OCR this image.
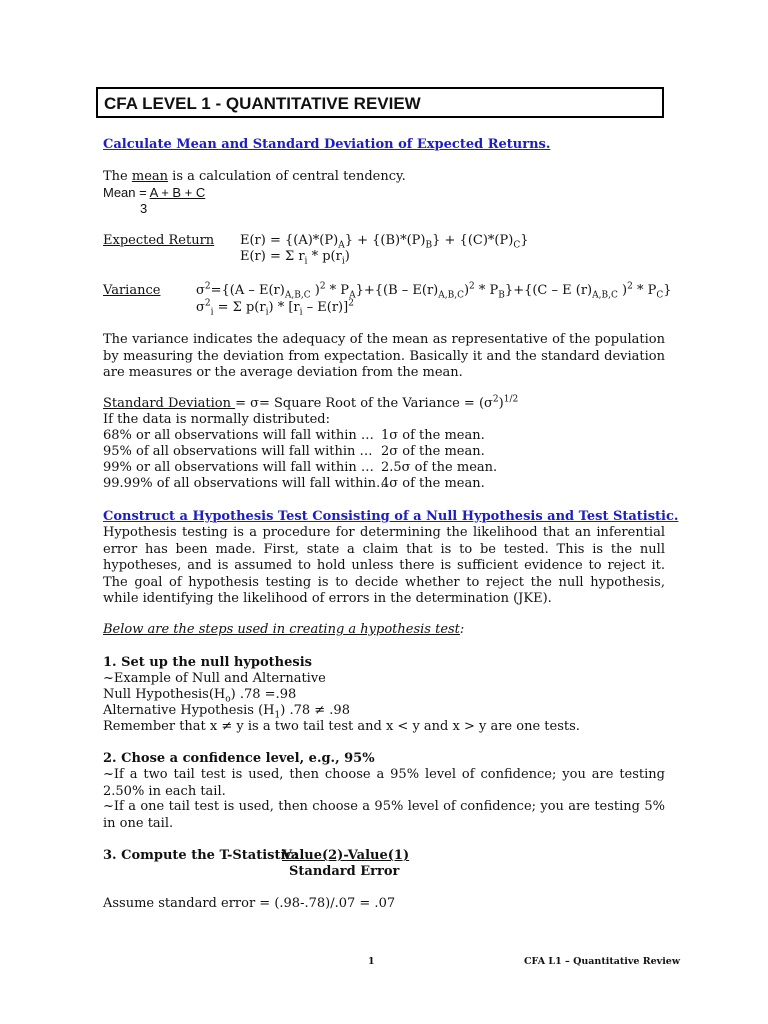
CFA LEVEL 1 - QUANTITATIVE REVIEW
Calculate Mean and Standard Deviation of Expected Returns.
The mean is a calculation of central tendency.
Mean = A + B + C
3
Expected Return $E(r) = \{(A)*(P)_A\} + \{(B)*(P)_B\} + \{(C)*(P)_C\}$
E(r) = Σ $r_i * p(r_i)$
Variance	$\sigma^2=\{(A - E(r)_{A,B,C}$ )$^2 * P_A\}+\{(B - E(r)_{A,B,C})^2 * P_B\}+\{(C - E$ $(r)_{A,B,C}$ )$^2 * P_C$}
$\sigma^2_i = \Sigma$ $p(r_i) * [r_i - E(r)]^2$
The variance indicates the adequacy of the mean as representative of the population by measuring the deviation from expectation. Basically it and the standard deviation are measures or the average deviation from the mean.
Standard Deviation = σ= Square Root of the Variance = $(\sigma^2)^{1/2}$
If the data is normally distributed:
68% or all observations will fall within … 1σ of the mean.
95% of all observations will fall within … 2σ of the mean.
99% or all observations will fall within … 2.5σ of the mean.
99.99% of all observations will fall within…
4σ of the mean.
Construct a Hypothesis Test Consisting of a Null Hypothesis and Test Statistic.
Hypothesis testing is a procedure for determining the likelihood that an inferential error has been made. First, state a claim that is to be tested. This is the null hypotheses, and is assumed to hold unless there is sufficient evidence to reject it. The goal of hypothesis testing is to decide whether to reject the null hypothesis, while identifying the likelihood of errors in the determination (JKE).
Below are the steps used in creating a hypothesis test:
1. Set up the null hypothesis
~Example of Null and Alternative
Null $Hypothesis(H_o)$ .78 =.98
Alternative Hypothesis $(H_1) .78 \ne .98$
Remember that x ≠ y is a two tail test and x < y and x > y are one tests.
2. Chose a confidence level, e.g., 95%
~If a two tail test is used, then choose a 95% level of confidence; you are testing 2.50% in each tail.
~If a one tail test is used, then choose a 95% level of confidence; you are testing 5% in one tail.
3. Compute the T-Statistic:
Value(2)-Value(1)
Standard Error
Assume standard error = (.98-.78)/.07 = .07
1	CFA L1 – Quantitative Review
